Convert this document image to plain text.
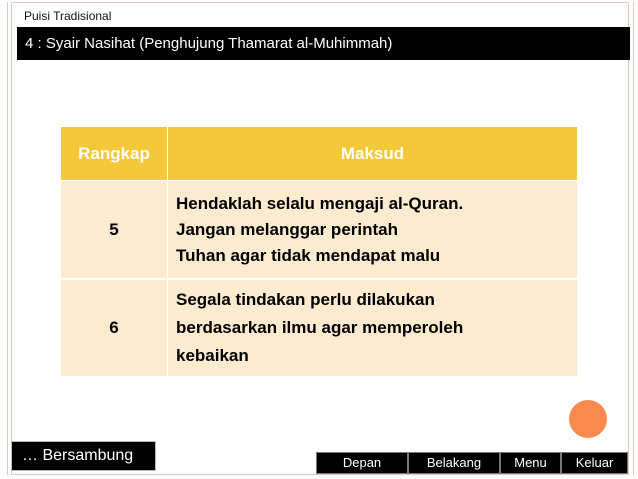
Puisi Tradisional
4 : Syair Nasihat (Penghujung Thamarat al-Muhimmah)
Rangkap	Maksud
5	Hendaklah selalu mengaji al-Quran.
Jangan melanggar perintah
Tuhan agar tidak mendapat malu

6	Segala tindakan perlu dilakukan
berdasarkan ilmu agar memperoleh
kebaikan
… Bersambung	Depan	Belakang	Menu	Keluar
